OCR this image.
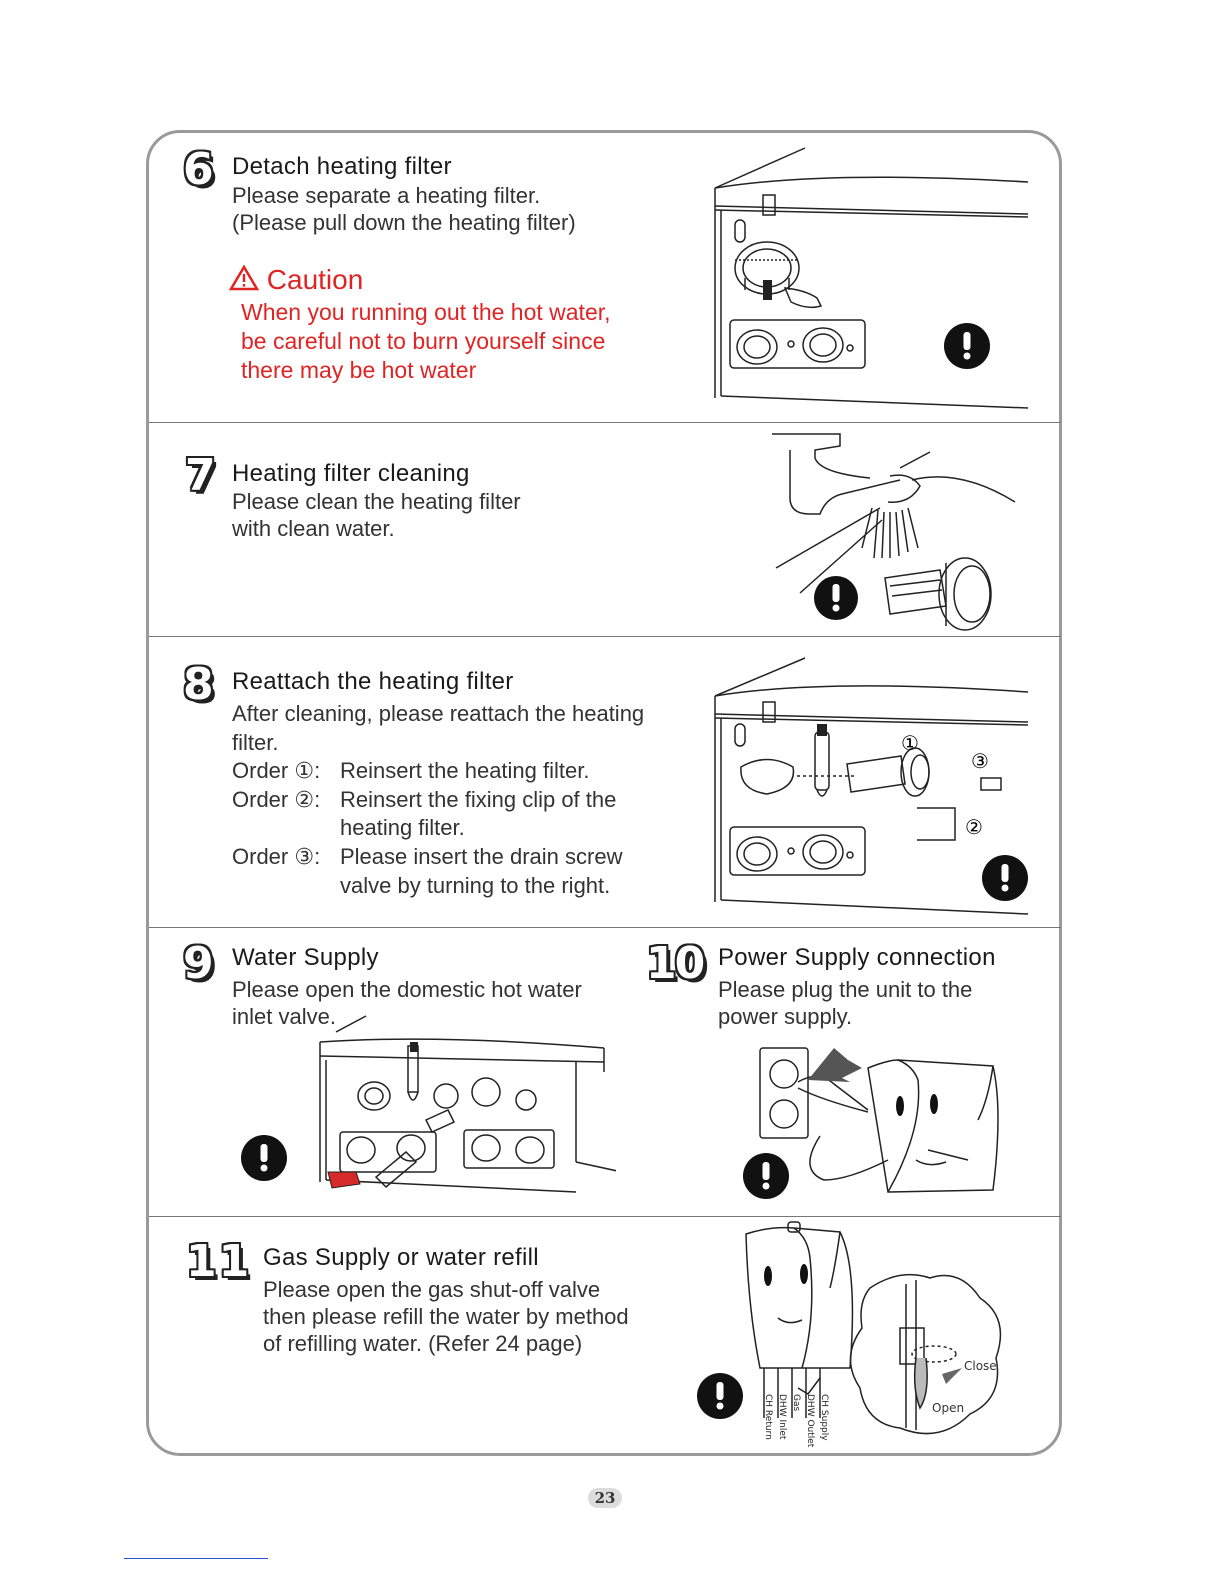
6 Detach heating filter
Please separate a heating filter.
(Please pull down the heating filter)
Caution
When you running out the hot water,
be careful not to burn yourself since
there may be hot water
7 Heating filter cleaning
Please clean the heating filter
with clean water.
8 Reattach the heating filter
After cleaning, please reattach the heating
filter.
Order ①: Reinsert the heating filter.
Order ②: Reinsert the fixing clip of the
heating filter.
Order ③: Please insert the drain screw
valve by turning to the right.
①
③
②
9 Water Supply
Please open the domestic hot water
inlet valve.
10 Power Supply connection
Please plug the unit to the
power supply.
11 Gas Supply or water refill
Please open the gas shut-off valve
then please refill the water by method
of refilling water. (Refer 24 page)
Close
Open
CH Return DHW Inlet Gas DHW Outlet CH Supply
23
